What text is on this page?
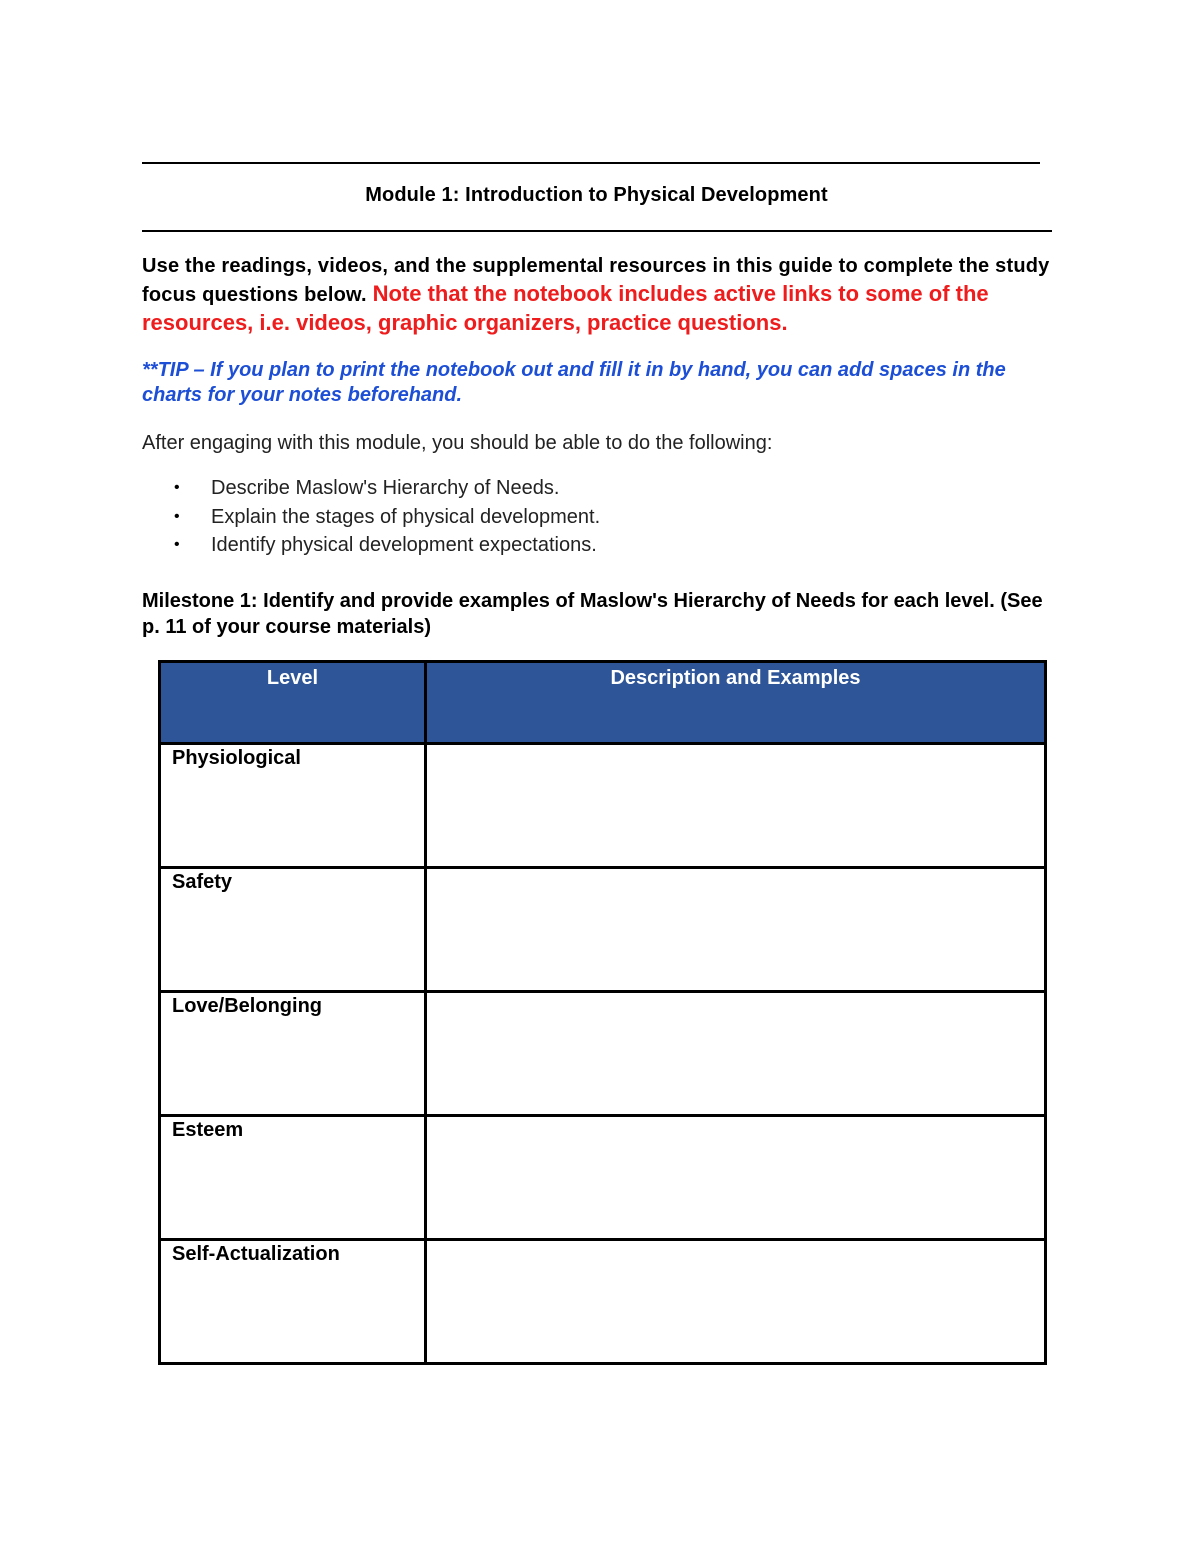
Module 1: Introduction to Physical Development
Use the readings, videos, and the supplemental resources in this guide to complete the study focus questions below. Note that the notebook includes active links to some of the resources, i.e. videos, graphic organizers, practice questions.
**TIP – If you plan to print the notebook out and fill it in by hand, you can add spaces in the charts for your notes beforehand.
After engaging with this module, you should be able to do the following:
• Describe Maslow's Hierarchy of Needs.
• Explain the stages of physical development.
• Identify physical development expectations.
Milestone 1: Identify and provide examples of Maslow's Hierarchy of Needs for each level. (See p. 11 of your course materials)
Level	Description and Examples
Physiological	
Safety	
Love/Belonging	
Esteem	
Self-Actualization	
